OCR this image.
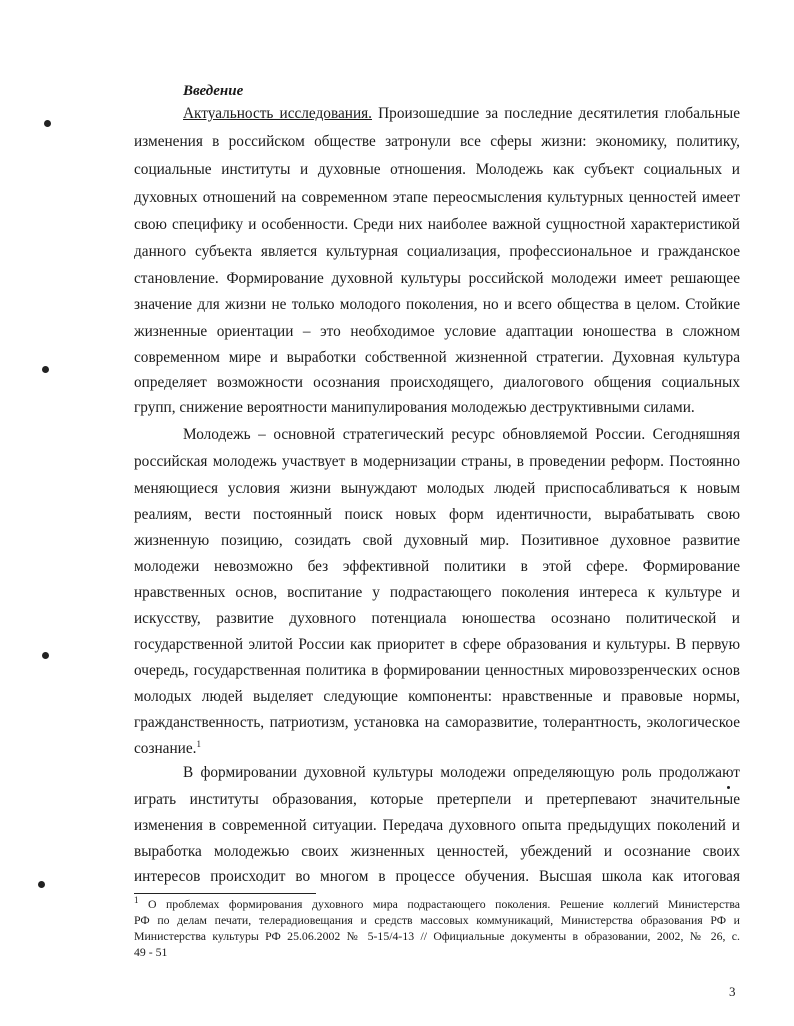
Введение
Актуальность исследования. Произошедшие за последние десятилетия глобальные
изменения в российском обществе затронули все сферы жизни: экономику, политику,
социальные институты и духовные отношения. Молодежь как субъект социальных и
духовных отношений на современном этапе переосмысления культурных ценностей имеет
свою специфику и особенности. Среди них наиболее важной сущностной характеристикой
данного субъекта является культурная социализация, профессиональное и гражданское
становление. Формирование духовной культуры российской молодежи имеет решающее
значение для жизни не только молодого поколения, но и всего общества в целом. Стойкие
жизненные ориентации – это необходимое условие адаптации юношества в сложном
современном мире и выработки собственной жизненной стратегии. Духовная культура
определяет возможности осознания происходящего, диалогового общения социальных
групп, снижение вероятности манипулирования молодежью деструктивными силами.
Молодежь – основной стратегический ресурс обновляемой России. Сегодняшняя
российская молодежь участвует в модернизации страны, в проведении реформ. Постоянно
меняющиеся условия жизни вынуждают молодых людей приспосабливаться к новым
реалиям, вести постоянный поиск новых форм идентичности, вырабатывать свою
жизненную позицию, созидать свой духовный мир. Позитивное духовное развитие
молодежи невозможно без эффективной политики в этой сфере. Формирование
нравственных основ, воспитание у подрастающего поколения интереса к культуре и
искусству, развитие духовного потенциала юношества осознано политической и
государственной элитой России как приоритет в сфере образования и культуры. В первую
очередь, государственная политика в формировании ценностных мировоззренческих основ
молодых людей выделяет следующие компоненты: нравственные и правовые нормы,
гражданственность, патриотизм, установка на саморазвитие, толерантность, экологическое
сознание.$^1$
В формировании духовной культуры молодежи определяющую роль продолжают
играть институты образования, которые претерпели и претерпевают значительные
изменения в современной ситуации. Передача духовного опыта предыдущих поколений и
выработка молодежью своих жизненных ценностей, убеждений и осознание своих
интересов происходит во многом в процессе обучения. Высшая школа как итоговая
$^1$ О проблемах формирования духовного мира подрастающего поколения. Решение коллегий Министерства
РФ по делам печати, телерадиовещания и средств массовых коммуникаций, Министерства образования РФ и
Министерства культуры РФ 25.06.2002 № 5-15/4-13 // Официальные документы в образовании, 2002, № 26, с.
49 - 51
3
